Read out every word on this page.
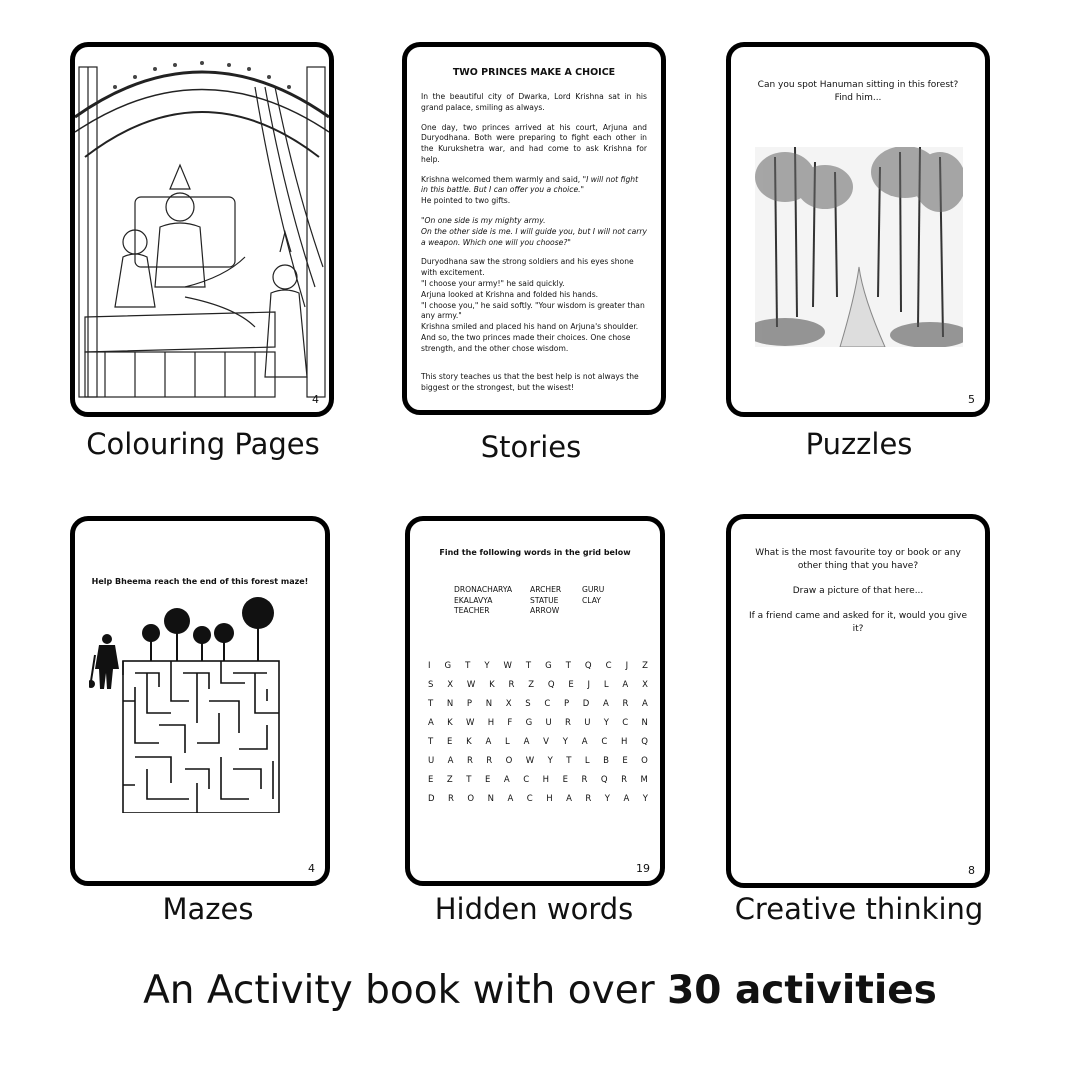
4
Colouring Pages
TWO PRINCES MAKE A CHOICE

In the beautiful city of Dwarka, Lord Krishna sat in his grand palace, smiling as always.

One day, two princes arrived at his court, Arjuna and Duryodhana. Both were preparing to fight each other in the Kurukshetra war, and had come to ask Krishna for help.

Krishna welcomed them warmly and said, "I will not fight in this battle. But I can offer you a choice."
He pointed to two gifts.

"On one side is my mighty army.
On the other side is me. I will guide you, but I will not carry a weapon. Which one will you choose?"

Duryodhana saw the strong soldiers and his eyes shone with excitement.
"I choose your army!" he said quickly.
Arjuna looked at Krishna and folded his hands.
"I choose you," he said softly. "Your wisdom is greater than any army."
Krishna smiled and placed his hand on Arjuna's shoulder.
And so, the two princes made their choices. One chose strength, and the other chose wisdom.

This story teaches us that the best help is not always the biggest or the strongest, but the wisest!

Stories
Can you spot Hanuman sitting in this forest?
Find him...
5
Puzzles
Help Bheema reach the end of this forest maze!
4
Mazes
Find the following words in the grid below
DRONACHARYA
EKALAVYA
TEACHER
ARCHER
STATUE
ARROW
GURU
CLAY
I G T Y W T G T Q C J Z
S X W K R Z Q E J L A X
T N P N X S C P D A R A
A K W H F G U R U Y C N
T E K A L A V Y A C H Q
U A R R O W Y T L B E O
E Z T E A C H E R Q R M
D R O N A C H A R Y A Y
19
Hidden words
What is the most favourite toy or book or any other thing that you have?
Draw a picture of that here...
If a friend came and asked for it, would you give it?
8
Creative thinking
An Activity book with over 30 activities
